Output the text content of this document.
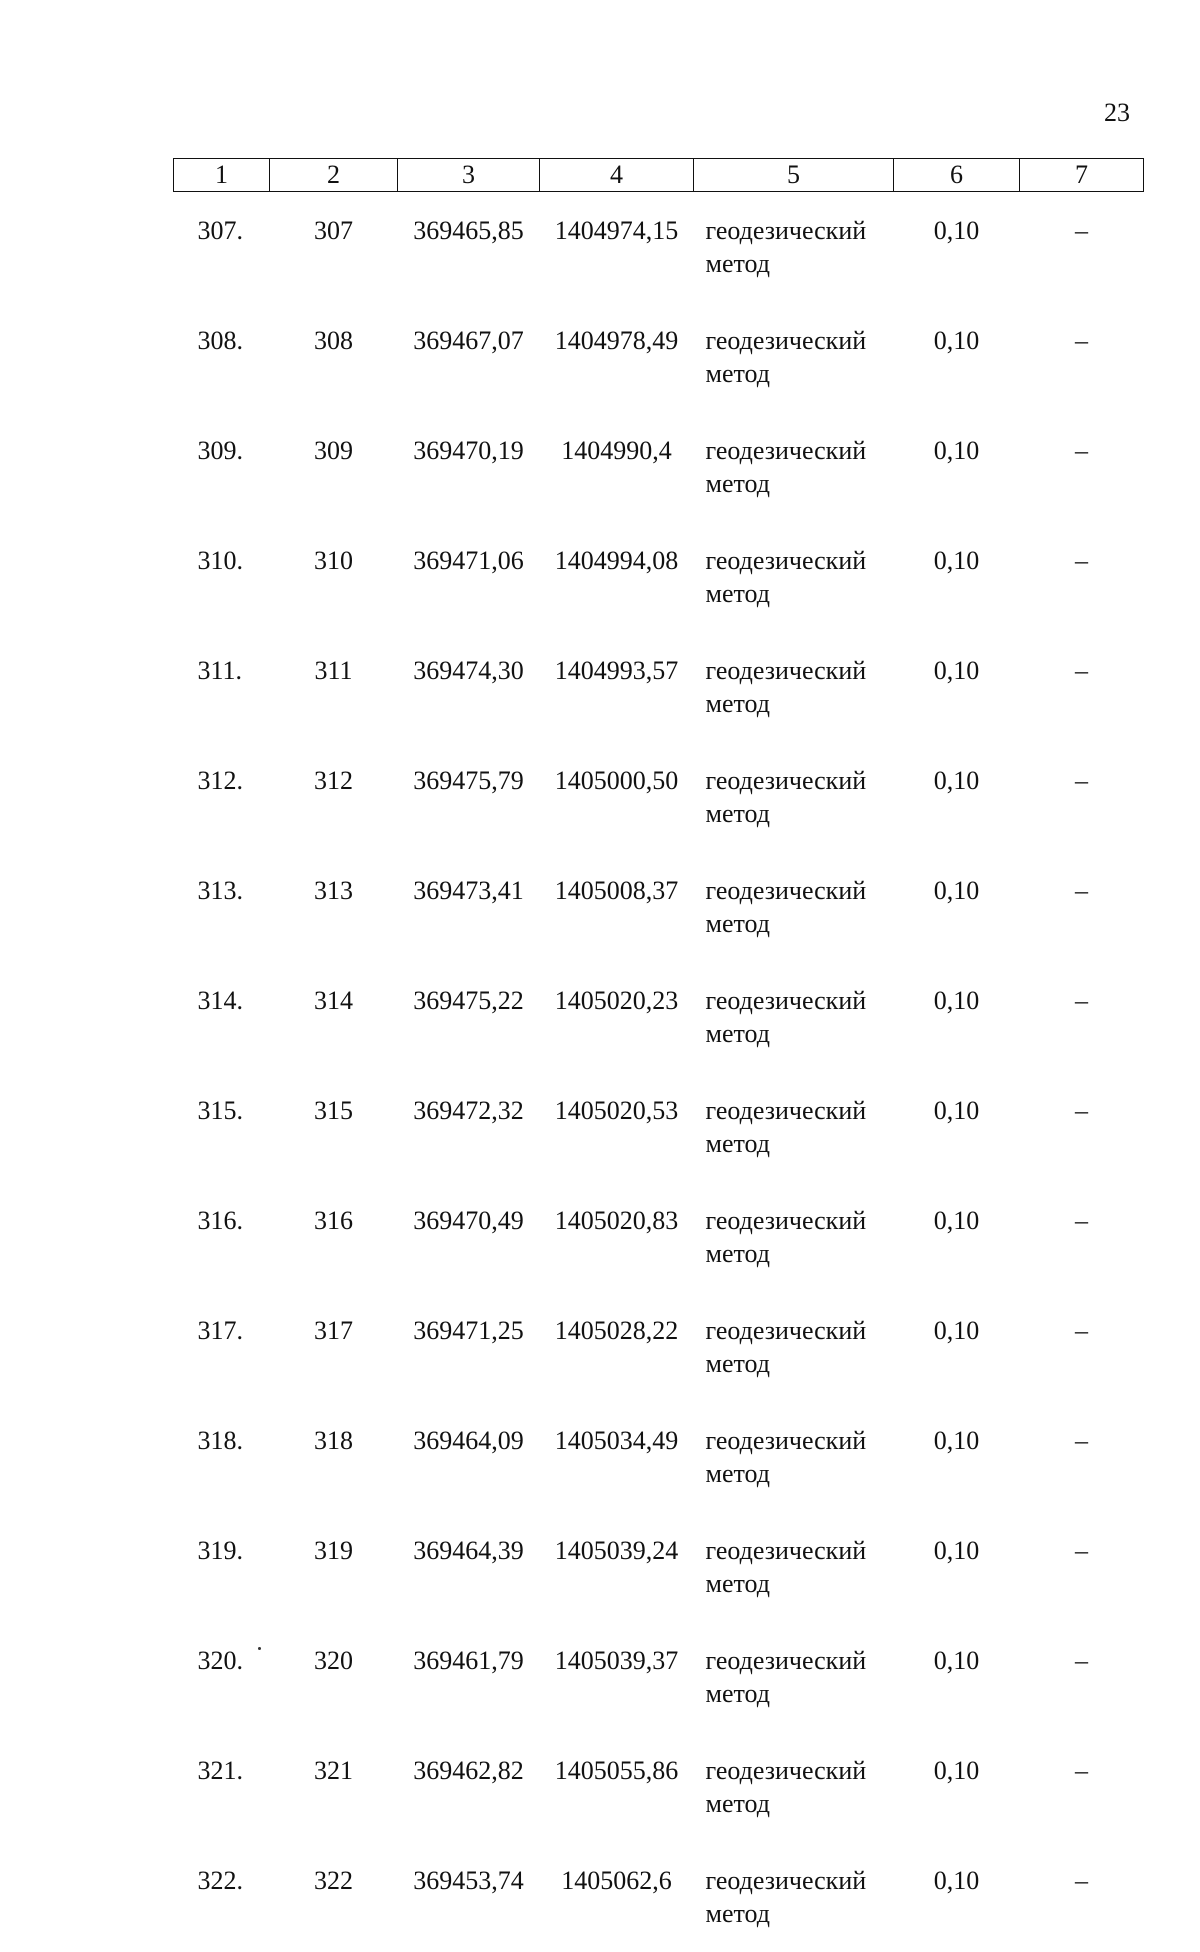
23
1	2	3	4	5	6	7
307.	307	369465,85	1404974,15	геодезический метод	0,10	–
308.	308	369467,07	1404978,49	геодезический метод	0,10	–
309.	309	369470,19	1404990,4	геодезический метод	0,10	–
310.	310	369471,06	1404994,08	геодезический метод	0,10	–
311.	311	369474,30	1404993,57	геодезический метод	0,10	–
312.	312	369475,79	1405000,50	геодезический метод	0,10	–
313.	313	369473,41	1405008,37	геодезический метод	0,10	–
314.	314	369475,22	1405020,23	геодезический метод	0,10	–
315.	315	369472,32	1405020,53	геодезический метод	0,10	–
316.	316	369470,49	1405020,83	геодезический метод	0,10	–
317.	317	369471,25	1405028,22	геодезический метод	0,10	–
318.	318	369464,09	1405034,49	геодезический метод	0,10	–
319.	319	369464,39	1405039,24	геодезический метод	0,10	–
320.	320	369461,79	1405039,37	геодезический метод	0,10	–
321.	321	369462,82	1405055,86	геодезический метод	0,10	–
322.	322	369453,74	1405062,6	геодезический метод	0,10	–
